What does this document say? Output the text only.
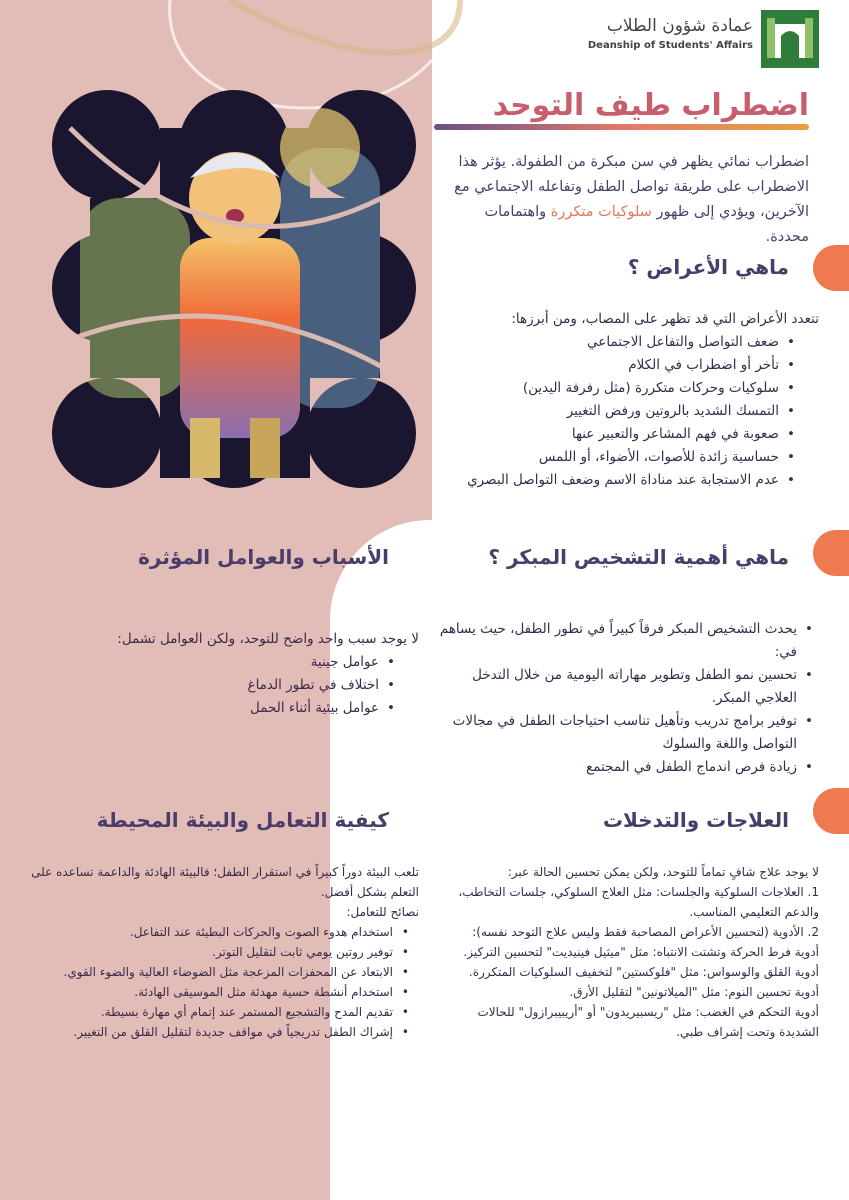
عمادة شؤون الطلاب
Deanship of Students' Affairs
اضطراب طيف التوحد
اضطراب نمائي يظهر في سن مبكرة من الطفولة. يؤثر هذا الاضطراب على طريقة تواصل الطفل وتفاعله الاجتماعي مع الآخرين، ويؤدي إلى ظهور سلوكيات متكررة واهتمامات محددة.
ماهي الأعراض ؟
تتعدد الأعراض التي قد تظهر على المصاب، ومن أبرزها:
• ضعف التواصل والتفاعل الاجتماعي
• تأخر أو اضطراب في الكلام
• سلوكيات وحركات متكررة (مثل رفرفة اليدين)
• التمسك الشديد بالروتين ورفض التغيير
• صعوبة في فهم المشاعر والتعبير عنها
• حساسية زائدة للأصوات، الأضواء، أو اللمس
• عدم الاستجابة عند مناداة الاسم وضعف التواصل البصري
الأسباب والعوامل المؤثرة
لا يوجد سبب واحد واضح للتوحد، ولكن العوامل تشمل:
• عوامل جينية
• اختلاف في تطور الدماغ
• عوامل بيئية أثناء الحمل
ماهي أهمية التشخيص المبكر ؟
• يحدث التشخيص المبكر فرقاً كبيراً في تطور الطفل، حيث يساهم في:
• تحسين نمو الطفل وتطوير مهاراته اليومية من خلال التدخل العلاجي المبكر.
• توفير برامج تدريب وتأهيل تناسب احتياجات الطفل في مجالات التواصل واللغة والسلوك
• زيادة فرص اندماج الطفل في المجتمع
كيفية التعامل والبيئة المحيطة
تلعب البيئة دوراً كبيراً في استقرار الطفل؛ فالبيئة الهادئة والداعمة تساعده على التعلم بشكل أفضل.
نصائح للتعامل:
• استخدام هدوء الصوت والحركات البطيئة عند التفاعل.
• توفير روتين يومي ثابت لتقليل التوتر.
• الابتعاد عن المحفزات المزعجة مثل الضوضاء العالية والضوء القوي.
• استخدام أنشطة حسية مهدئة مثل الموسيقى الهادئة.
• تقديم المدح والتشجيع المستمر عند إتمام أي مهارة بسيطة.
• إشراك الطفل تدريجياً في مواقف جديدة لتقليل القلق من التغيير.
العلاجات والتدخلات
لا يوجد علاج شافٍ تماماً للتوحد، ولكن يمكن تحسين الحالة عبر:
1. العلاجات السلوكية والجلسات: مثل العلاج السلوكي، جلسات التخاطب، والدعم التعليمي المناسب.
2. الأدوية (لتحسين الأعراض المصاحبة فقط وليس علاج التوحد نفسه):
أدوية فرط الحركة وتشتت الانتباه: مثل "ميثيل فينيديت" لتحسين التركيز.
أدوية القلق والوسواس: مثل "فلوكستين" لتخفيف السلوكيات المتكررة.
أدوية تحسين النوم: مثل "الميلاتونين" لتقليل الأرق.
أدوية التحكم في الغضب: مثل "ريسبيريدون" أو "أريبيبرازول" للحالات الشديدة وتحت إشراف طبي.
